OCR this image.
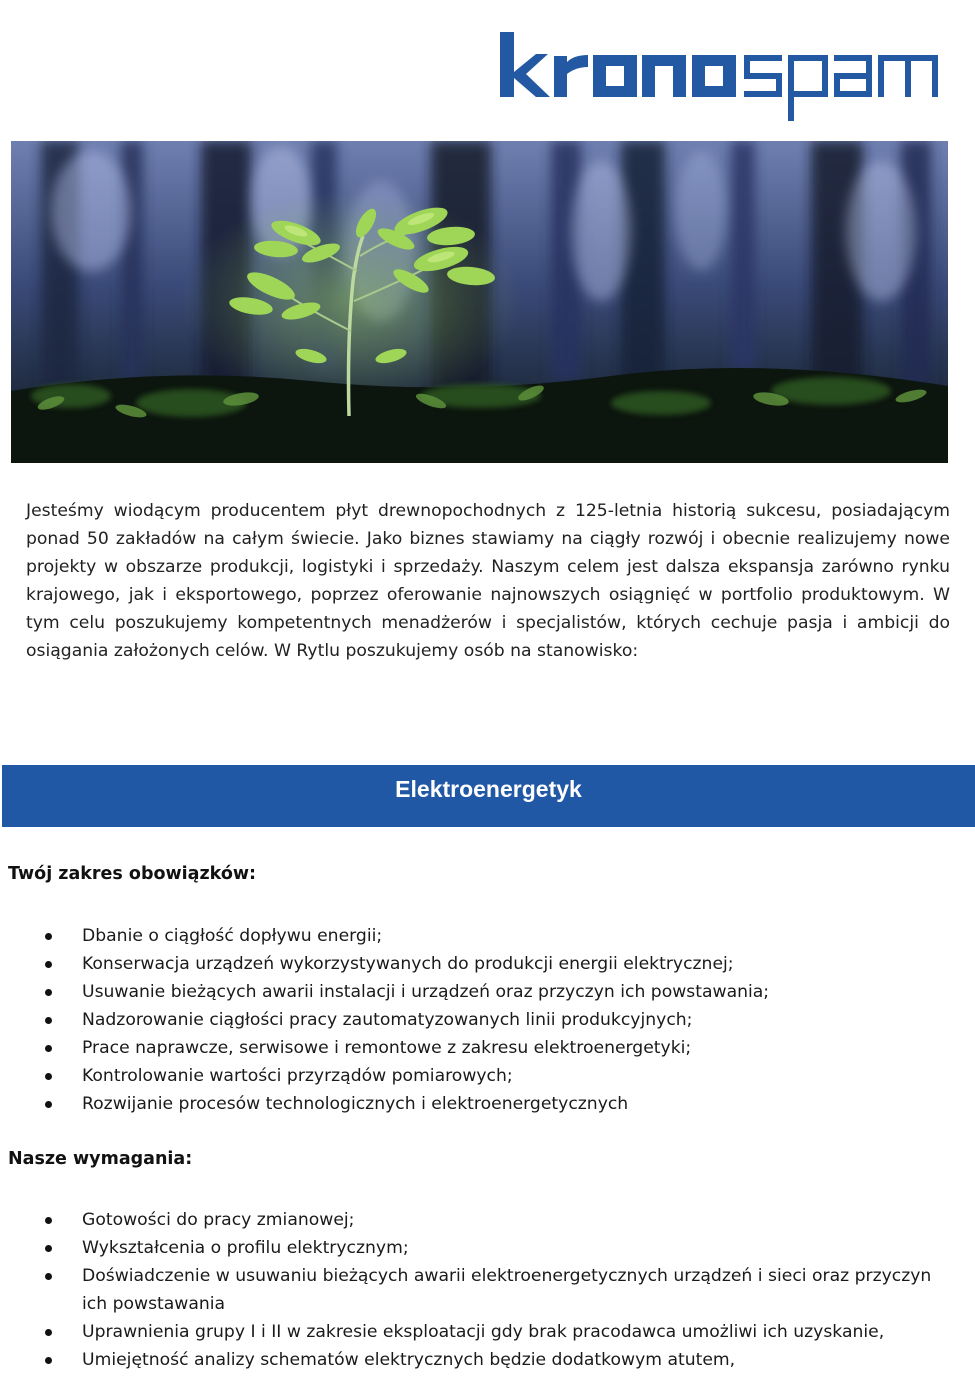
Jesteśmy wiodącym producentem płyt drewnopochodnych z 125-letnia historią sukcesu, posiadającym ponad 50 zakładów na całym świecie. Jako biznes stawiamy na ciągły rozwój i obecnie realizujemy nowe projekty w obszarze produkcji, logistyki i sprzedaży. Naszym celem jest dalsza ekspansja zarówno rynku krajowego, jak i eksportowego, poprzez oferowanie najnowszych osiągnięć w portfolio produktowym. W tym celu poszukujemy kompetentnych menadżerów i specjalistów, których cechuje pasja i ambicji do osiągania założonych celów. W Rytlu poszukujemy osób na stanowisko:

Elektroenergetyk
Twój zakres obowiązków:
Dbanie o ciągłość dopływu energii;
Konserwacja urządzeń wykorzystywanych do produkcji energii elektrycznej;
Usuwanie bieżących awarii instalacji i urządzeń oraz przyczyn ich powstawania;
Nadzorowanie ciągłości pracy zautomatyzowanych linii produkcyjnych;
Prace naprawcze, serwisowe i remontowe z zakresu elektroenergetyki;
Kontrolowanie wartości przyrządów pomiarowych;
Rozwijanie procesów technologicznych i elektroenergetycznych
Nasze wymagania:
Gotowości do pracy zmianowej;
Wykształcenia o profilu elektrycznym;
Doświadczenie w usuwaniu bieżących awarii elektroenergetycznych urządzeń i sieci oraz przyczyn ich powstawania
Uprawnienia grupy I i II w zakresie eksploatacji gdy brak pracodawca umożliwi ich uzyskanie,
Umiejętność analizy schematów elektrycznych będzie dodatkowym atutem,
